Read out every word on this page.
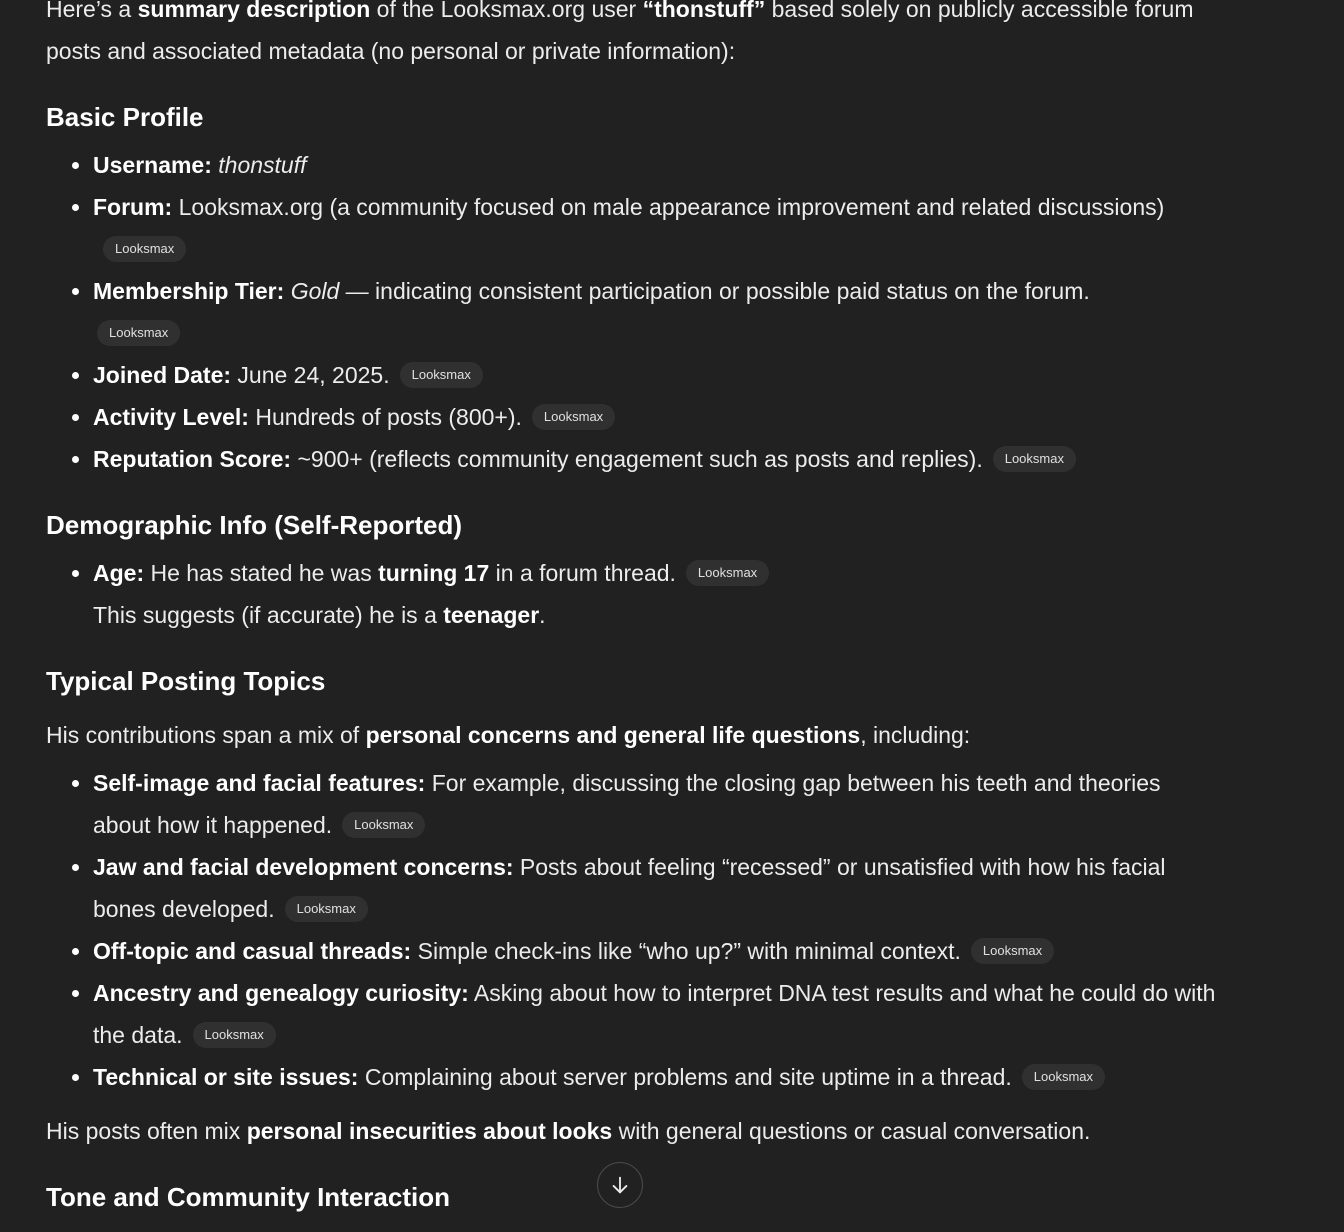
Here’s a summary description of the Looksmax.org user “thonstuff” based solely on publicly accessible forum posts and associated metadata (no personal or private information):

Basic Profile
• Username: thonstuff
• Forum: Looksmax.org (a community focused on male appearance improvement and related discussions)Looksmax
• Membership Tier: Gold — indicating consistent participation or possible paid status on the forum.
Looksmax
• Joined Date: June 24, 2025. Looksmax
• Activity Level: Hundreds of posts (800+). Looksmax
• Reputation Score: ~900+ (reflects community engagement such as posts and replies). Looksmax
Demographic Info (Self-Reported)
• Age: He has stated he was turning 17 in a forum thread. Looksmax
This suggests (if accurate) he is a teenager.
Typical Posting Topics

His contributions span a mix of personal concerns and general life questions, including:

• Self-image and facial features: For example, discussing the closing gap between his teeth and theories about how it happened. Looksmax
• Jaw and facial development concerns: Posts about feeling “recessed” or unsatisfied with how his facial bones developed. Looksmax
• Off-topic and casual threads: Simple check-ins like “who up?” with minimal context. Looksmax
• Ancestry and genealogy curiosity: Asking about how to interpret DNA test results and what he could do with the data. Looksmax
• Technical or site issues: Complaining about server problems and site uptime in a thread. Looksmax

His posts often mix personal insecurities about looks with general questions or casual conversation.

Tone and Community Interaction
